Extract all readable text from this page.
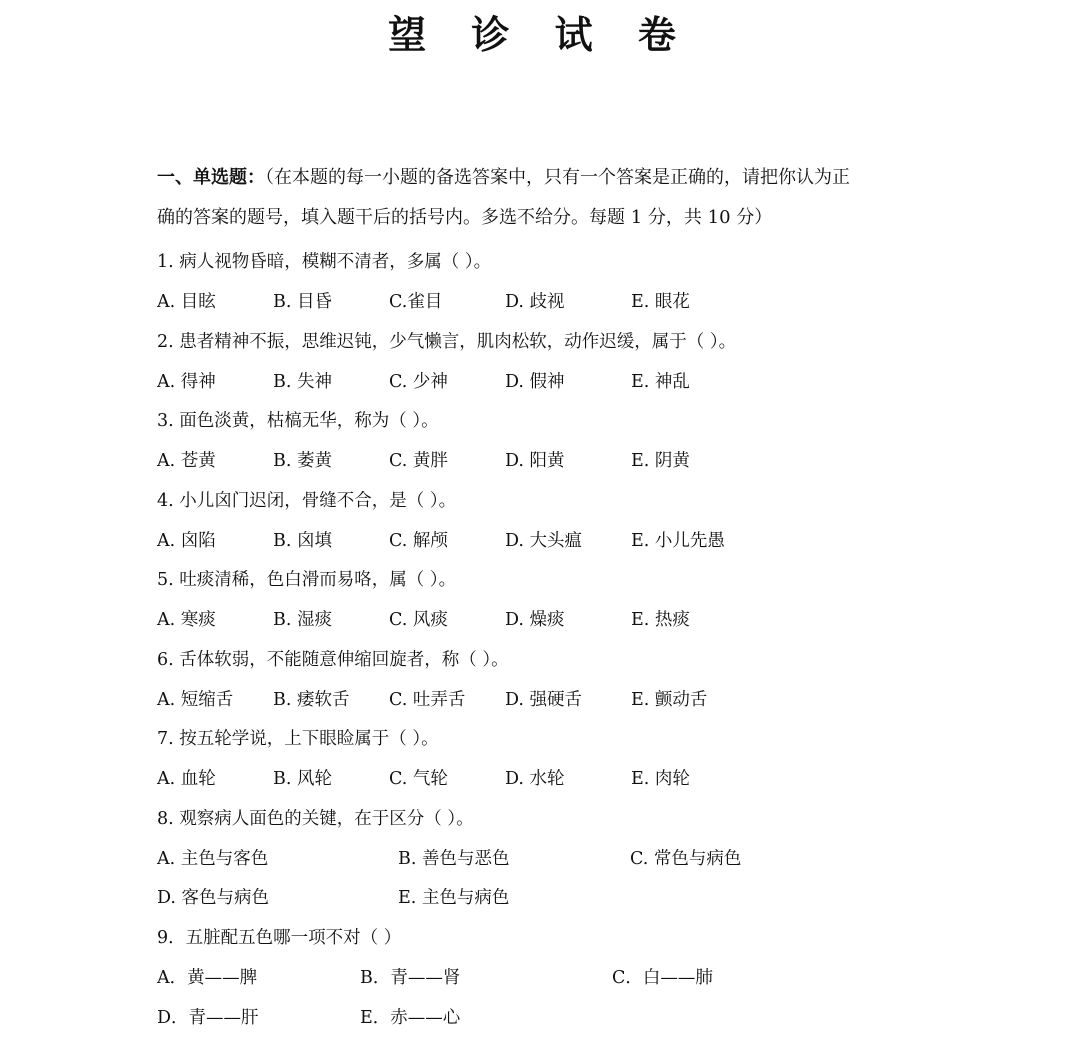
望 诊 试 卷
一、单选题：（在本题的每一小题的备选答案中，只有一个答案是正确的，请把你认为正
确的答案的题号，填入题干后的括号内。多选不给分。每题 1 分，共 10 分）
1. 病人视物昏暗，模糊不清者，多属（ ）。
A. 目眩	B. 目昏	C.雀目	D. 歧视	E. 眼花
2. 患者精神不振，思维迟钝，少气懒言，肌肉松软，动作迟缓，属于（ ）。
A. 得神	B. 失神	C. 少神	D. 假神	E. 神乱
3. 面色淡黄，枯槁无华，称为（ ）。
A. 苍黄	B. 萎黄	C. 黄胖	D. 阳黄	E. 阴黄
4. 小儿囟门迟闭，骨缝不合，是（ ）。
A. 囟陷	B. 囟填	C. 解颅	D. 大头瘟	E. 小儿先愚
5. 吐痰清稀，色白滑而易咯，属（ ）。
A. 寒痰	B. 湿痰	C. 风痰	D. 燥痰	E. 热痰
6. 舌体软弱，不能随意伸缩回旋者，称（ ）。
A. 短缩舌 B. 痿软舌 C. 吐弄舌 D. 强硬舌	E. 颤动舌
7. 按五轮学说，上下眼睑属于（ ）。
A. 血轮	B. 风轮	C. 气轮	D. 水轮	E. 肉轮
8. 观察病人面色的关键，在于区分（ ）。
A. 主色与客色	B. 善色与恶色	C. 常色与病色
D. 客色与病色	E. 主色与病色
9．五脏配五色哪一项不对（ ）
A．黄——脾	B．青——肾	C．白——肺
D．青——肝	E．赤——心
